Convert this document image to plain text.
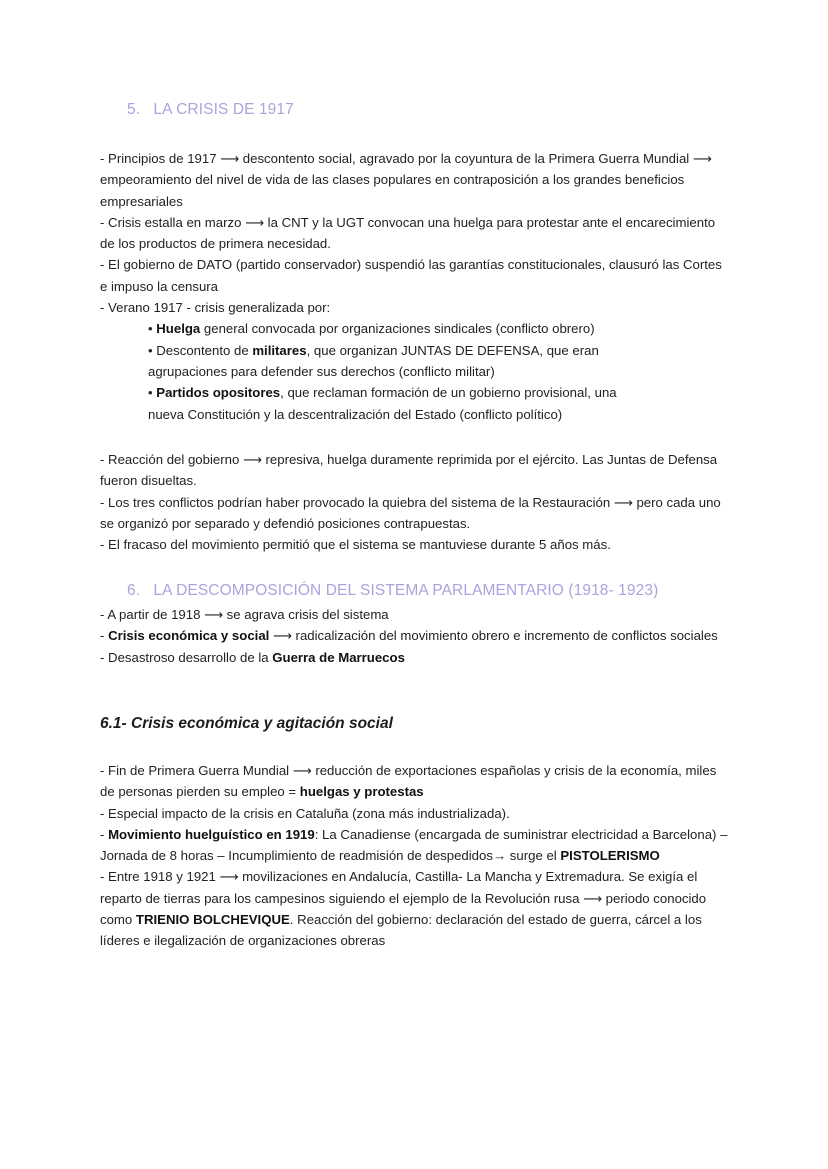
5. LA CRISIS DE 1917

- Principios de 1917 ⟶ descontento social, agravado por la coyuntura de la Primera Guerra Mundial ⟶ empeoramiento del nivel de vida de las clases populares en contraposición a los grandes beneficios empresariales

- Crisis estalla en marzo ⟶ la CNT y la UGT convocan una huelga para protestar ante el encarecimiento de los productos de primera necesidad.

- El gobierno de DATO (partido conservador) suspendió las garantías constitucionales, clausuró las Cortes e impuso la censura

- Verano 1917 - crisis generalizada por:

• Huelga general convocada por organizaciones sindicales (conflicto obrero)

• Descontento de militares, que organizan JUNTAS DE DEFENSA, que eran agrupaciones para defender sus derechos (conflicto militar)

• Partidos opositores, que reclaman formación de un gobierno provisional, una nueva Constitución y la descentralización del Estado (conflicto político)

- Reacción del gobierno ⟶ represiva, huelga duramente reprimida por el ejército. Las Juntas de Defensa fueron disueltas.

- Los tres conflictos podrían haber provocado la quiebra del sistema de la Restauración ⟶ pero cada uno se organizó por separado y defendió posiciones contrapuestas.

- El fracaso del movimiento permitió que el sistema se mantuviese durante 5 años más.

6. LA DESCOMPOSICIÓN DEL SISTEMA PARLAMENTARIO (1918- 1923)

- A partir de 1918 ⟶ se agrava crisis del sistema

- Crisis económica y social ⟶ radicalización del movimiento obrero e incremento de conflictos sociales

- Desastroso desarrollo de la Guerra de Marruecos

6.1- Crisis económica y agitación social

- Fin de Primera Guerra Mundial ⟶ reducción de exportaciones españolas y crisis de la economía, miles de personas pierden su empleo = huelgas y protestas

- Especial impacto de la crisis en Cataluña (zona más industrializada).

- Movimiento huelguístico en 1919: La Canadiense (encargada de suministrar electricidad a Barcelona) – Jornada de 8 horas – Incumplimiento de readmisión de despedidos→ surge el PISTOLERISMO

- Entre 1918 y 1921 ⟶ movilizaciones en Andalucía, Castilla- La Mancha y Extremadura. Se exigía el reparto de tierras para los campesinos siguiendo el ejemplo de la Revolución rusa ⟶ periodo conocido como TRIENIO BOLCHEVIQUE. Reacción del gobierno: declaración del estado de guerra, cárcel a los líderes e ilegalización de organizaciones obreras
